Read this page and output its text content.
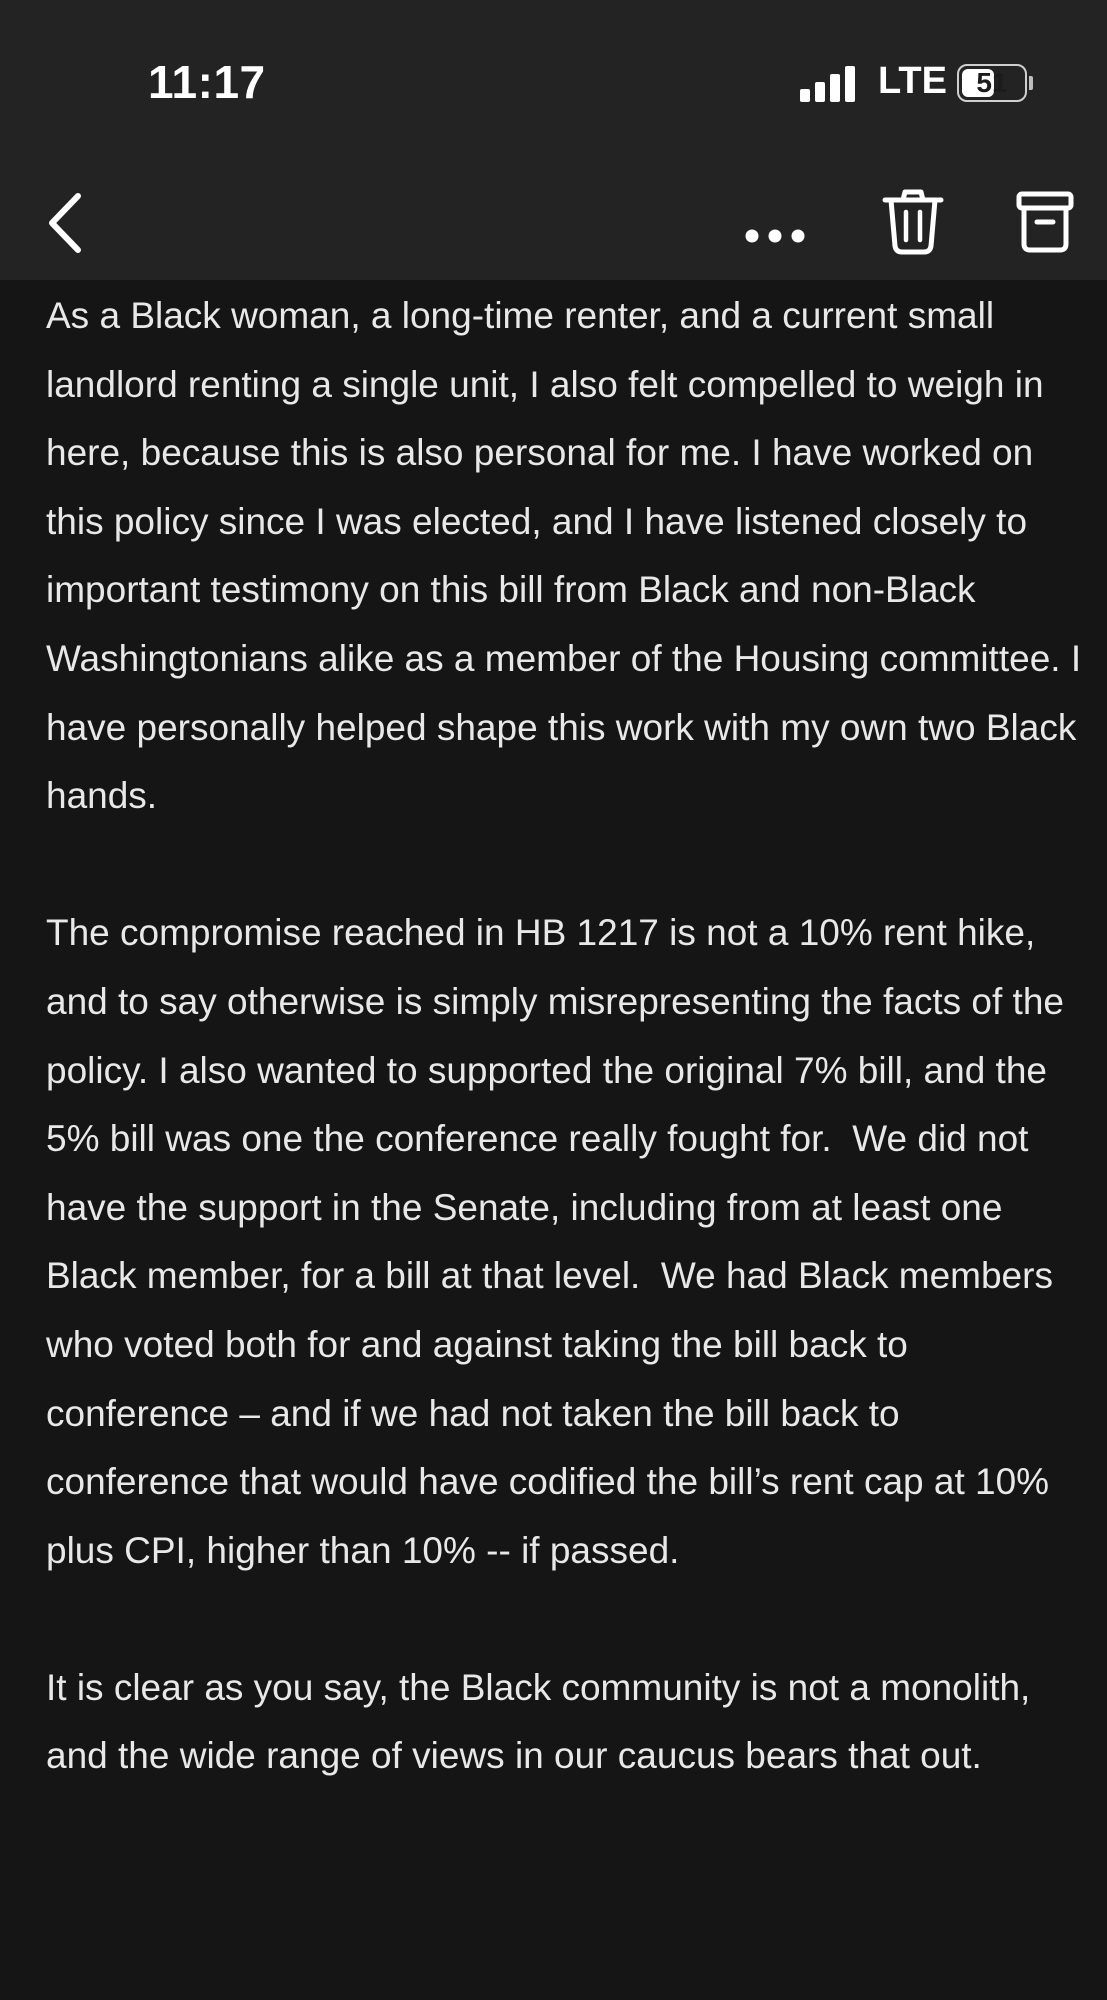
11:17	LTE	51

As a Black woman, a long-time renter, and a current small landlord renting a single unit, I also felt compelled to weigh in here, because this is also personal for me. I have worked on this policy since I was elected, and I have listened closely to important testimony on this bill from Black and non-Black Washingtonians alike as a member of the Housing committee. I have personally helped shape this work with my own two Black hands.

The compromise reached in HB 1217 is not a 10% rent hike, and to say otherwise is simply misrepresenting the facts of the policy. I also wanted to supported the original 7% bill, and the 5% bill was one the conference really fought for.  We did not have the support in the Senate, including from at least one Black member, for a bill at that level.  We had Black members who voted both for and against taking the bill back to conference – and if we had not taken the bill back to conference that would have codified the bill’s rent cap at 10% plus CPI, higher than 10% -- if passed.

It is clear as you say, the Black community is not a monolith, and the wide range of views in our caucus bears that out.
